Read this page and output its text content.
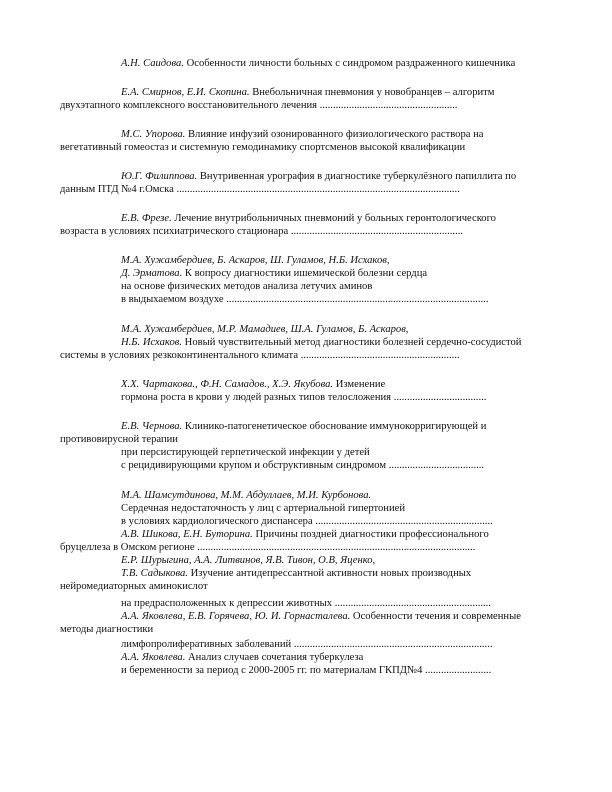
А.Н. Саидова. Особенности личности больных с синдромом раздраженного кишечника
Е.А. Смирнов, Е.И. Скопина. Внебольничная пневмония у новобранцев – алгоритм
двухэтапного комплексного восстановительного лечения ....................................................
М.С. Упорова. Влияние инфузий озонированного физиологического раствора на
вегетативный гомеостаз и системную гемодинамику спортсменов высокой квалификации
Ю.Г. Филиппова. Внутривенная урография в диагностике туберкулёзного папиллита по
данным ПТД №4 г.Омска ...........................................................................................................
Е.В. Фрезе. Лечение внутрибольничных пневмоний у больных геронтологического
возраста в условиях психиатрического стационара .................................................................
М.А. Хужамбердиев, Б. Аскаров, Ш. Гуламов, Н.Б. Исхаков,
Д. Эрматова. К вопросу диагностики ишемической болезни сердца
на основе физических методов анализа летучих аминов
в выдыхаемом воздухе ...................................................................................................
М.А. Хужамбердиев, М.Р. Мамадиев, Ш.А. Гуламов, Б. Аскаров,
Н.Б. Исхаков. Новый чувствительный метод диагностики болезней сердечно-сосудистой
системы в условиях резкоконтинентального климата ............................................................
Х.Х. Чартакова., Ф.Н. Самадов., Х.Э. Якубова. Изменение
гормона роста в крови у людей разных типов телосложения ...................................
Е.В. Чернова. Клинико-патогенетическое обоснование иммунокорригирующей и
противовирусной терапии
при персистирующей герпетической инфекции у детей
с рецидивирующими крупом и обструктивным синдромом ....................................
М.А. Шамсутдинова, М.М. Абдуллаев, М.И. Курбонова.
Сердечная недостаточность у лиц с артериальной гипертонией
в условиях кардиологического диспансера ...................................................................
А.В. Шикова, Е.Н. Буторина. Причины поздней диагностики профессионального
бруцеллеза в Омском регионе .........................................................................................................
Е.Р. Шурыгина, А.А. Литвинов, Я.В. Тивон, О.В, Яценко,
Т.В. Садыкова. Изучение антидепрессантной активности новых производных
нейромедиаторных аминокислот
на предрасположенных к депрессии животных ...........................................................
А.А. Яковлева, Е.В. Горячева, Ю. И. Горнасталева. Особенности течения и современные
методы диагностики
лимфопролиферативных заболеваний ...........................................................................
А.А. Яковлева. Анализ случаев сочетания туберкулеза
и беременности за период с 2000-2005 гг. по материалам ГКПД№4 .........................
